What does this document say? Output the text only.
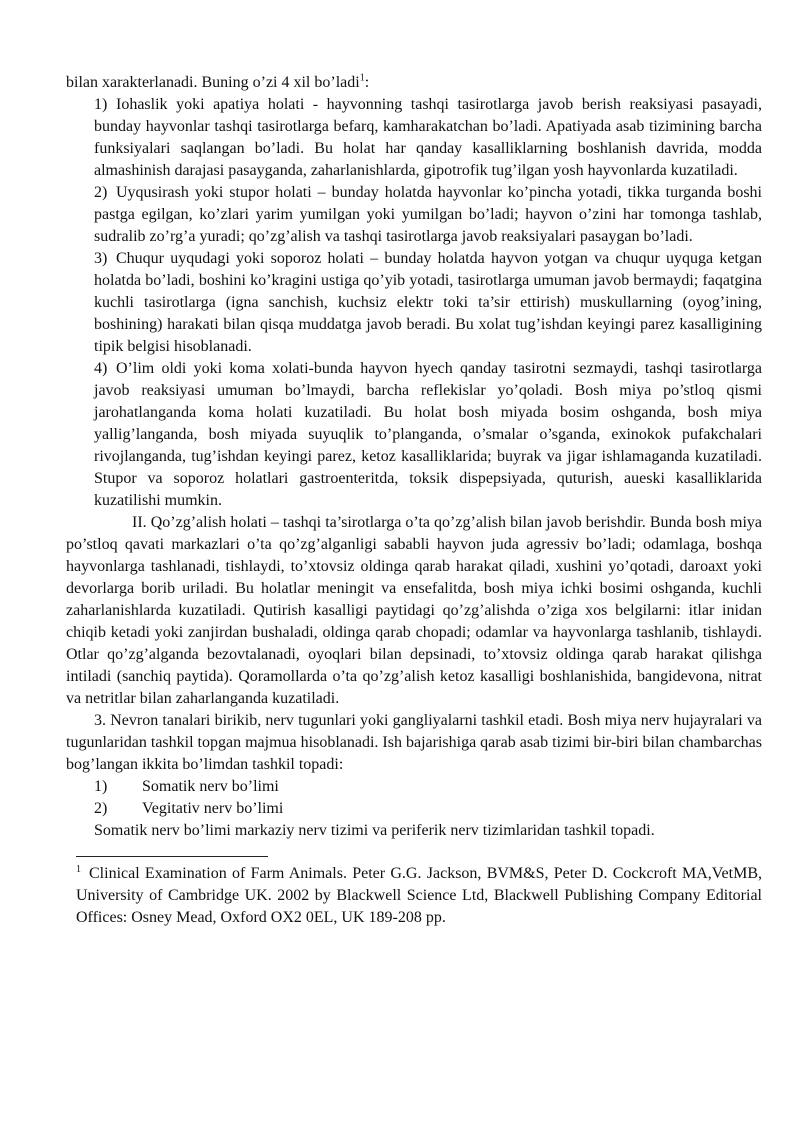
bilan xarakterlanadi. Buning o’zi 4 xil bo’ladi$^1$:

1) Iohaslik yoki apatiya holati - hayvonning tashqi tasirotlarga javob berish reaksiyasi pasayadi, bunday hayvonlar tashqi tasirotlarga befarq, kamharakatchan bo’ladi. Apatiyada asab tizimining barcha funksiyalari saqlangan bo’ladi. Bu holat har qanday kasalliklarning boshlanish davrida, modda almashinish darajasi pasayganda, zaharlanishlarda, gipotrofik tug’ilgan yosh hayvonlarda kuzatiladi.

2) Uyqusirash yoki stupor holati – bunday holatda hayvonlar ko’pincha yotadi, tikka turganda boshi pastga egilgan, ko’zlari yarim yumilgan yoki yumilgan bo’ladi; hayvon o’zini har tomonga tashlab, sudralib zo’rg’a yuradi; qo’zg’alish va tashqi tasirotlarga javob reaksiyalari pasaygan bo’ladi.

3) Chuqur uyqudagi yoki soporoz holati – bunday holatda hayvon yotgan va chuqur uyquga ketgan holatda bo’ladi, boshini ko’kragini ustiga qo’yib yotadi, tasirotlarga umuman javob bermaydi; faqatgina kuchli tasirotlarga (igna sanchish, kuchsiz elektr toki ta’sir ettirish) muskullarning (oyog’ining, boshining) harakati bilan qisqa muddatga javob beradi. Bu xolat tug’ishdan keyingi parez kasalligining tipik belgisi hisoblanadi.

4) O’lim oldi yoki koma xolati-bunda hayvon hyech qanday tasirotni sezmaydi, tashqi tasirotlarga javob reaksiyasi umuman bo’lmaydi, barcha reflekislar yo’qoladi. Bosh miya po’stloq qismi jarohatlanganda koma holati kuzatiladi. Bu holat bosh miyada bosim oshganda, bosh miya yallig’langanda, bosh miyada suyuqlik to’planganda, o’smalar o’sganda, exinokok pufakchalari rivojlanganda, tug’ishdan keyingi parez, ketoz kasalliklarida; buyrak va jigar ishlamaganda kuzatiladi. Stupor va soporoz holatlari gastroenteritda, toksik dispepsiyada, quturish, aueski kasalliklarida kuzatilishi mumkin.

II. Qo’zg’alish holati – tashqi ta’sirotlarga o’ta qo’zg’alish bilan javob berishdir. Bunda bosh miya po’stloq qavati markazlari o’ta qo’zg’alganligi sababli hayvon juda agressiv bo’ladi; odamlaga, boshqa hayvonlarga tashlanadi, tishlaydi, to’xtovsiz oldinga qarab harakat qiladi, xushini yo’qotadi, daroaxt yoki devorlarga borib uriladi. Bu holatlar meningit va ensefalitda, bosh miya ichki bosimi oshganda, kuchli zaharlanishlarda kuzatiladi. Qutirish kasalligi paytidagi qo’zg’alishda o’ziga xos belgilarni: itlar inidan chiqib ketadi yoki zanjirdan bushaladi, oldinga qarab chopadi; odamlar va hayvonlarga tashlanib, tishlaydi. Otlar qo’zg’alganda bezovtalanadi, oyoqlari bilan depsinadi, to’xtovsiz oldinga qarab harakat qilishga intiladi (sanchiq paytida). Qoramollarda o’ta qo’zg’alish ketoz kasalligi boshlanishida, bangidevona, nitrat va netritlar bilan zaharlanganda kuzatiladi.

3. Nevron tanalari birikib, nerv tugunlari yoki gangliyalarni tashkil etadi. Bosh miya nerv hujayralari va tugunlaridan tashkil topgan majmua hisoblanadi. Ish bajarishiga qarab asab tizimi bir-biri bilan chambarchas bog’langan ikkita bo’limdan tashkil topadi:

1) Somatik nerv bo’limi

2) Vegitativ nerv bo’limi

Somatik nerv bo’limi markaziy nerv tizimi va periferik nerv tizimlaridan tashkil topadi.

$^1$ Clinical Examination of Farm Animals. Peter G.G. Jackson, BVM&S, Peter D. Cockcroft MA,VetMB, University of Cambridge UK. 2002 by Blackwell Science Ltd, Blackwell Publishing Company Editorial Offices: Osney Mead, Oxford OX2 0EL, UK 189-208 pp.
